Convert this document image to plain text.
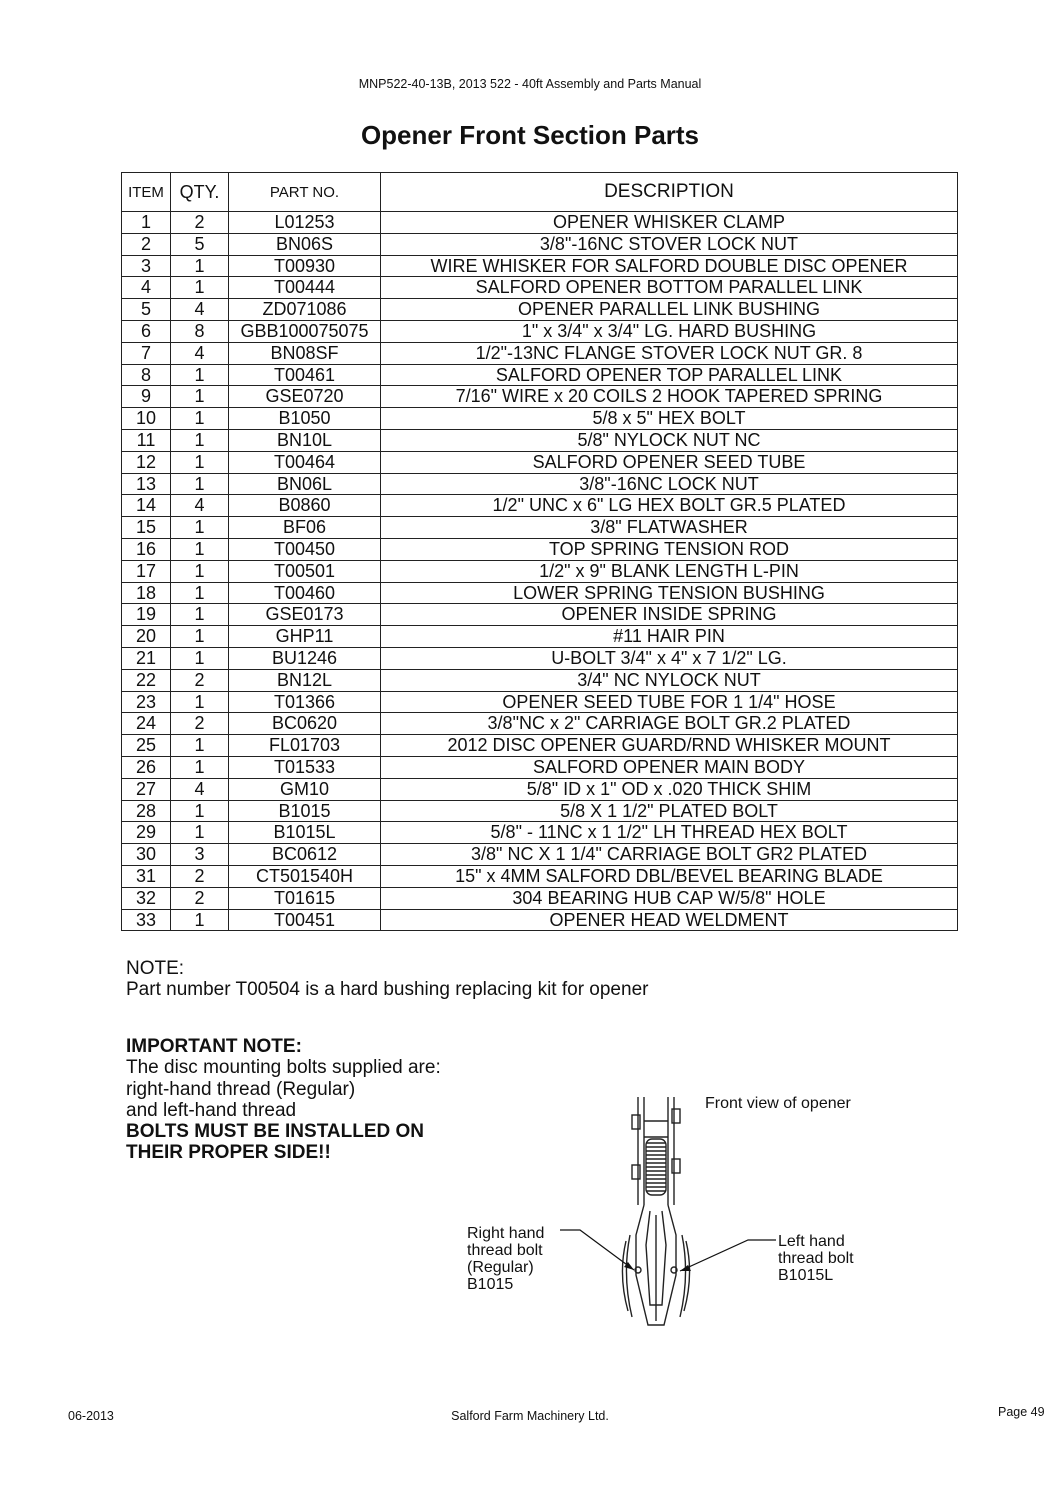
MNP522-40-13B, 2013 522 - 40ft Assembly and Parts Manual
Opener Front Section Parts
ITEM	QTY.	PART NO.	DESCRIPTION
1	2	L01253	OPENER WHISKER CLAMP
2	5	BN06S	3/8"-16NC STOVER LOCK NUT
3	1	T00930	WIRE WHISKER FOR SALFORD DOUBLE DISC OPENER
4	1	T00444	SALFORD OPENER BOTTOM PARALLEL LINK
5	4	ZD071086	OPENER PARALLEL LINK BUSHING
6	8	GBB100075075	1" x 3/4" x 3/4" LG. HARD BUSHING
7	4	BN08SF	1/2"-13NC FLANGE STOVER LOCK NUT GR. 8
8	1	T00461	SALFORD OPENER TOP PARALLEL LINK
9	1	GSE0720	7/16" WIRE x 20 COILS 2 HOOK TAPERED SPRING
10	1	B1050	5/8 x 5" HEX BOLT
11	1	BN10L	5/8" NYLOCK NUT NC
12	1	T00464	SALFORD OPENER SEED TUBE
13	1	BN06L	3/8"-16NC LOCK NUT
14	4	B0860	1/2" UNC x 6" LG HEX BOLT GR.5 PLATED
15	1	BF06	3/8" FLATWASHER
16	1	T00450	TOP SPRING TENSION ROD
17	1	T00501	1/2" x 9" BLANK LENGTH L-PIN
18	1	T00460	LOWER SPRING TENSION BUSHING
19	1	GSE0173	OPENER INSIDE SPRING
20	1	GHP11	#11 HAIR PIN
21	1	BU1246	U-BOLT 3/4" x 4" x 7 1/2" LG.
22	2	BN12L	3/4" NC NYLOCK NUT
23	1	T01366	OPENER SEED TUBE FOR 1 1/4" HOSE
24	2	BC0620	3/8"NC x 2" CARRIAGE BOLT GR.2 PLATED
25	1	FL01703	2012 DISC OPENER GUARD/RND WHISKER MOUNT
26	1	T01533	SALFORD OPENER MAIN BODY
27	4	GM10	5/8" ID x 1" OD x .020 THICK SHIM
28	1	B1015	5/8 X 1 1/2" PLATED BOLT
29	1	B1015L	5/8" - 11NC x 1 1/2" LH THREAD HEX BOLT
30	3	BC0612	3/8" NC X 1 1/4" CARRIAGE BOLT GR2 PLATED
31	2	CT501540H	15" x 4MM SALFORD DBL/BEVEL BEARING BLADE
32	2	T01615	304 BEARING HUB CAP W/5/8" HOLE
33	1	T00451	OPENER HEAD WELDMENT
NOTE:
Part number T00504 is a hard bushing replacing kit for opener
IMPORTANT NOTE:
The disc mounting bolts supplied are:
right-hand thread (Regular)
and left-hand thread
BOLTS MUST BE INSTALLED ON
THEIR PROPER SIDE!!
Front view of opener
Right hand
thread bolt
(Regular)
B1015
Left hand
thread bolt
B1015L
06-2013	Salford Farm Machinery Ltd.	Page 49
